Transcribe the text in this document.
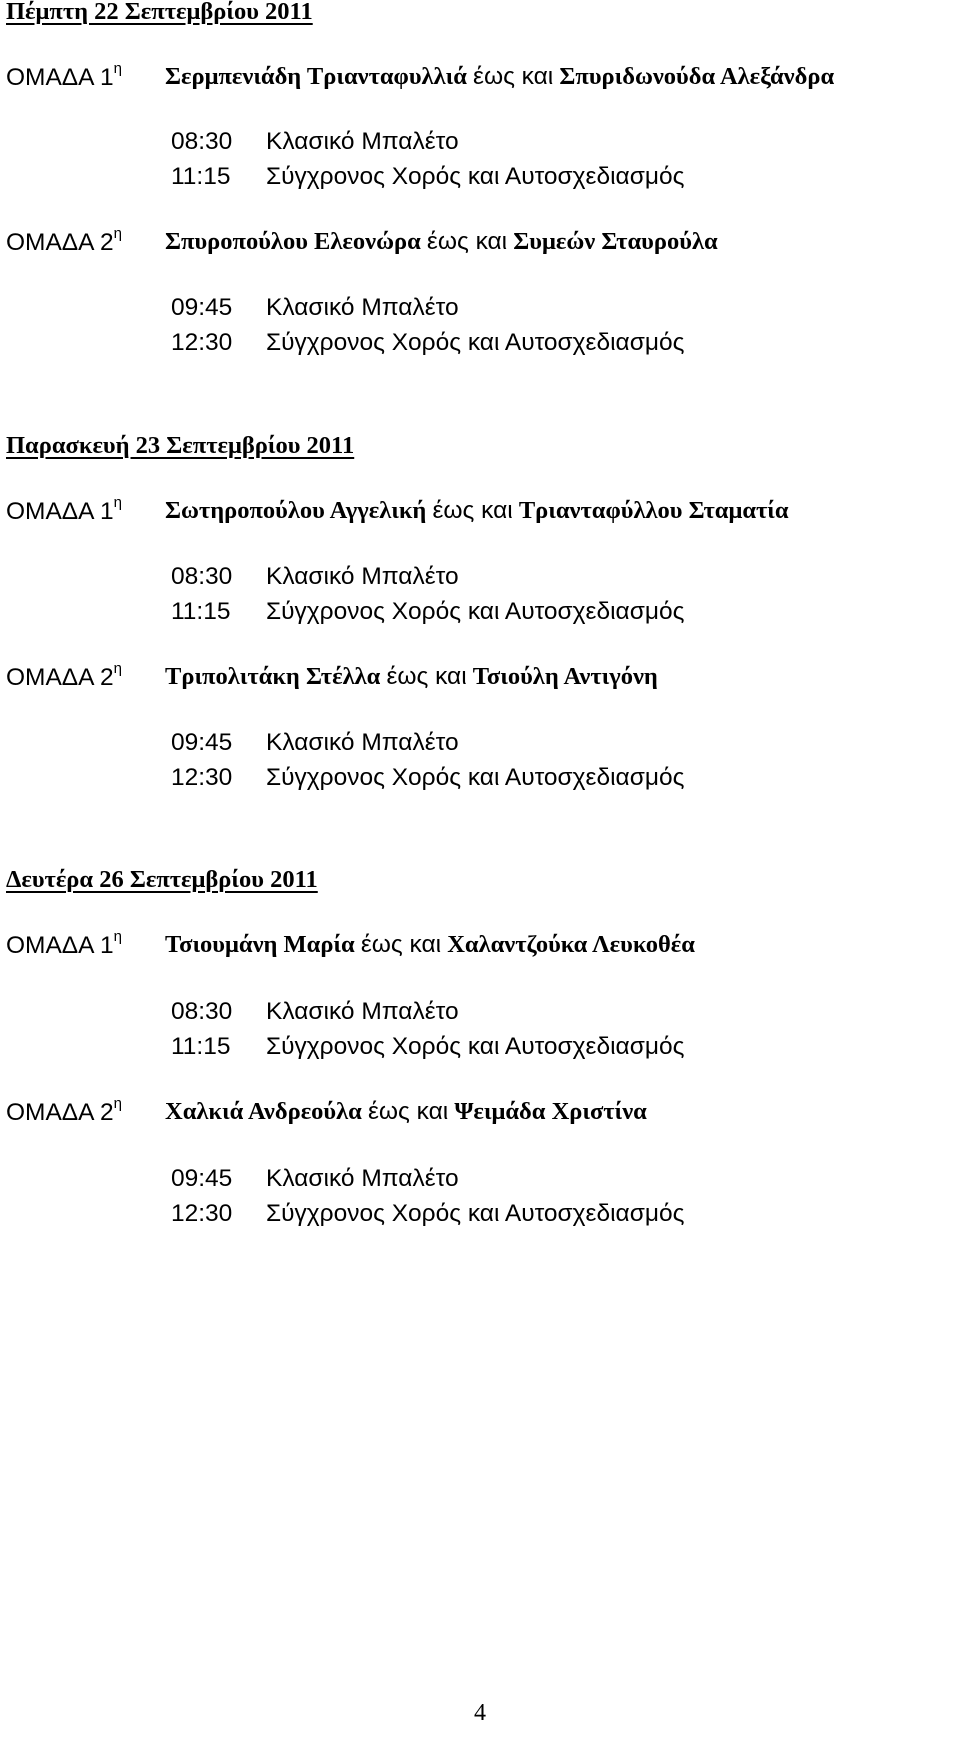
Πέμπτη 22 Σεπτεμβρίου 2011
ΟΜΑΔΑ $1^\eta$ Σερμπενιάδη Τριανταφυλλιά έως και Σπυριδωνούδα Αλεξάνδρα
08:30 Κλασικό Μπαλέτο
11:15 Σύγχρονος Χορός και Αυτοσχεδιασμός
ΟΜΑΔΑ $2^\eta$ Σπυροπούλου Ελεονώρα έως και Συμεών Σταυρούλα
09:45 Κλασικό Μπαλέτο
12:30 Σύγχρονος Χορός και Αυτοσχεδιασμός
Παρασκευή 23 Σεπτεμβρίου 2011
ΟΜΑΔΑ $1^\eta$ Σωτηροπούλου Αγγελική έως και Τριανταφύλλου Σταματία
08:30 Κλασικό Μπαλέτο
11:15 Σύγχρονος Χορός και Αυτοσχεδιασμός
ΟΜΑΔΑ $2^\eta$ Τριπολιτάκη Στέλλα έως και Τσιούλη Αντιγόνη
09:45 Κλασικό Μπαλέτο
12:30 Σύγχρονος Χορός και Αυτοσχεδιασμός
Δευτέρα 26 Σεπτεμβρίου 2011
ΟΜΑΔΑ $1^\eta$ Τσιουμάνη Μαρία έως και Χαλαντζούκα Λευκοθέα
08:30 Κλασικό Μπαλέτο
11:15 Σύγχρονος Χορός και Αυτοσχεδιασμός
ΟΜΑΔΑ $2^\eta$ Χαλκιά Ανδρεούλα έως και Ψειμάδα Χριστίνα
09:45 Κλασικό Μπαλέτο
12:30 Σύγχρονος Χορός και Αυτοσχεδιασμός
4
